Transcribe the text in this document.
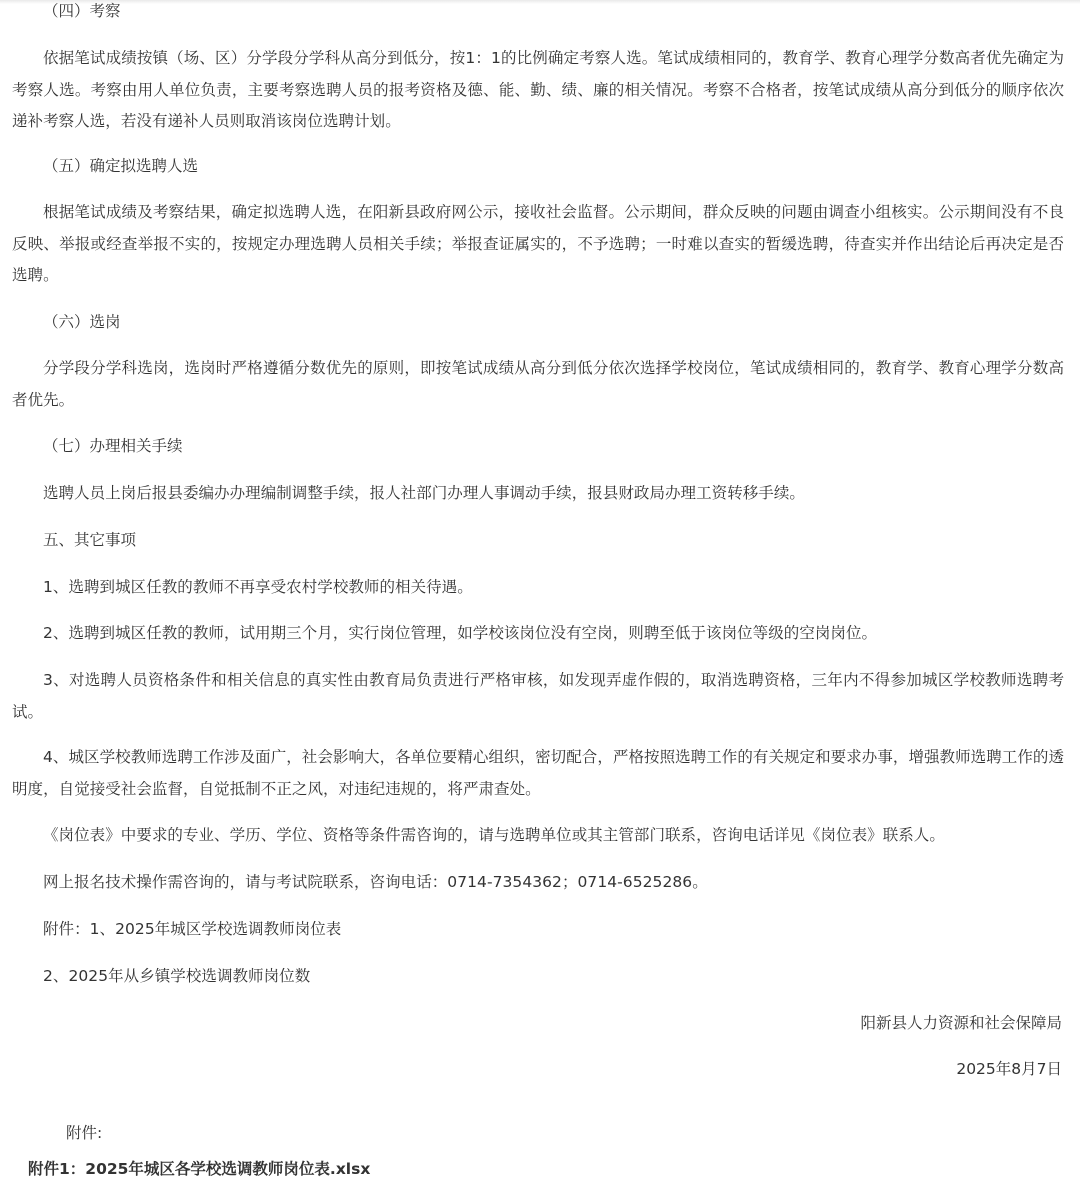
（四）考察

依据笔试成绩按镇（场、区）分学段分学科从高分到低分，按1：1的比例确定考察人选。笔试成绩相同的，教育学、教育心理学分数高者优先确定为考察人选。考察由用人单位负责，主要考察选聘人员的报考资格及德、能、勤、绩、廉的相关情况。考察不合格者，按笔试成绩从高分到低分的顺序依次递补考察人选，若没有递补人员则取消该岗位选聘计划。

（五）确定拟选聘人选

根据笔试成绩及考察结果，确定拟选聘人选，在阳新县政府网公示，接收社会监督。公示期间，群众反映的问题由调查小组核实。公示期间没有不良反映、举报或经查举报不实的，按规定办理选聘人员相关手续；举报查证属实的，不予选聘；一时难以查实的暂缓选聘，待查实并作出结论后再决定是否选聘。

（六）选岗

分学段分学科选岗，选岗时严格遵循分数优先的原则，即按笔试成绩从高分到低分依次选择学校岗位，笔试成绩相同的，教育学、教育心理学分数高者优先。

（七）办理相关手续

选聘人员上岗后报县委编办办理编制调整手续，报人社部门办理人事调动手续，报县财政局办理工资转移手续。

五、其它事项

1、选聘到城区任教的教师不再享受农村学校教师的相关待遇。

2、选聘到城区任教的教师，试用期三个月，实行岗位管理，如学校该岗位没有空岗，则聘至低于该岗位等级的空岗岗位。

3、对选聘人员资格条件和相关信息的真实性由教育局负责进行严格审核，如发现弄虚作假的，取消选聘资格，三年内不得参加城区学校教师选聘考试。

4、城区学校教师选聘工作涉及面广，社会影响大，各单位要精心组织，密切配合，严格按照选聘工作的有关规定和要求办事，增强教师选聘工作的透明度，自觉接受社会监督，自觉抵制不正之风，对违纪违规的，将严肃查处。

《岗位表》中要求的专业、学历、学位、资格等条件需咨询的，请与选聘单位或其主管部门联系，咨询电话详见《岗位表》联系人。

网上报名技术操作需咨询的，请与考试院联系，咨询电话：0714-7354362；0714-6525286。

附件：1、2025年城区学校选调教师岗位表

2、2025年从乡镇学校选调教师岗位数

阳新县人力资源和社会保障局

2025年8月7日

附件:
附件1：2025年城区各学校选调教师岗位表.xlsx
